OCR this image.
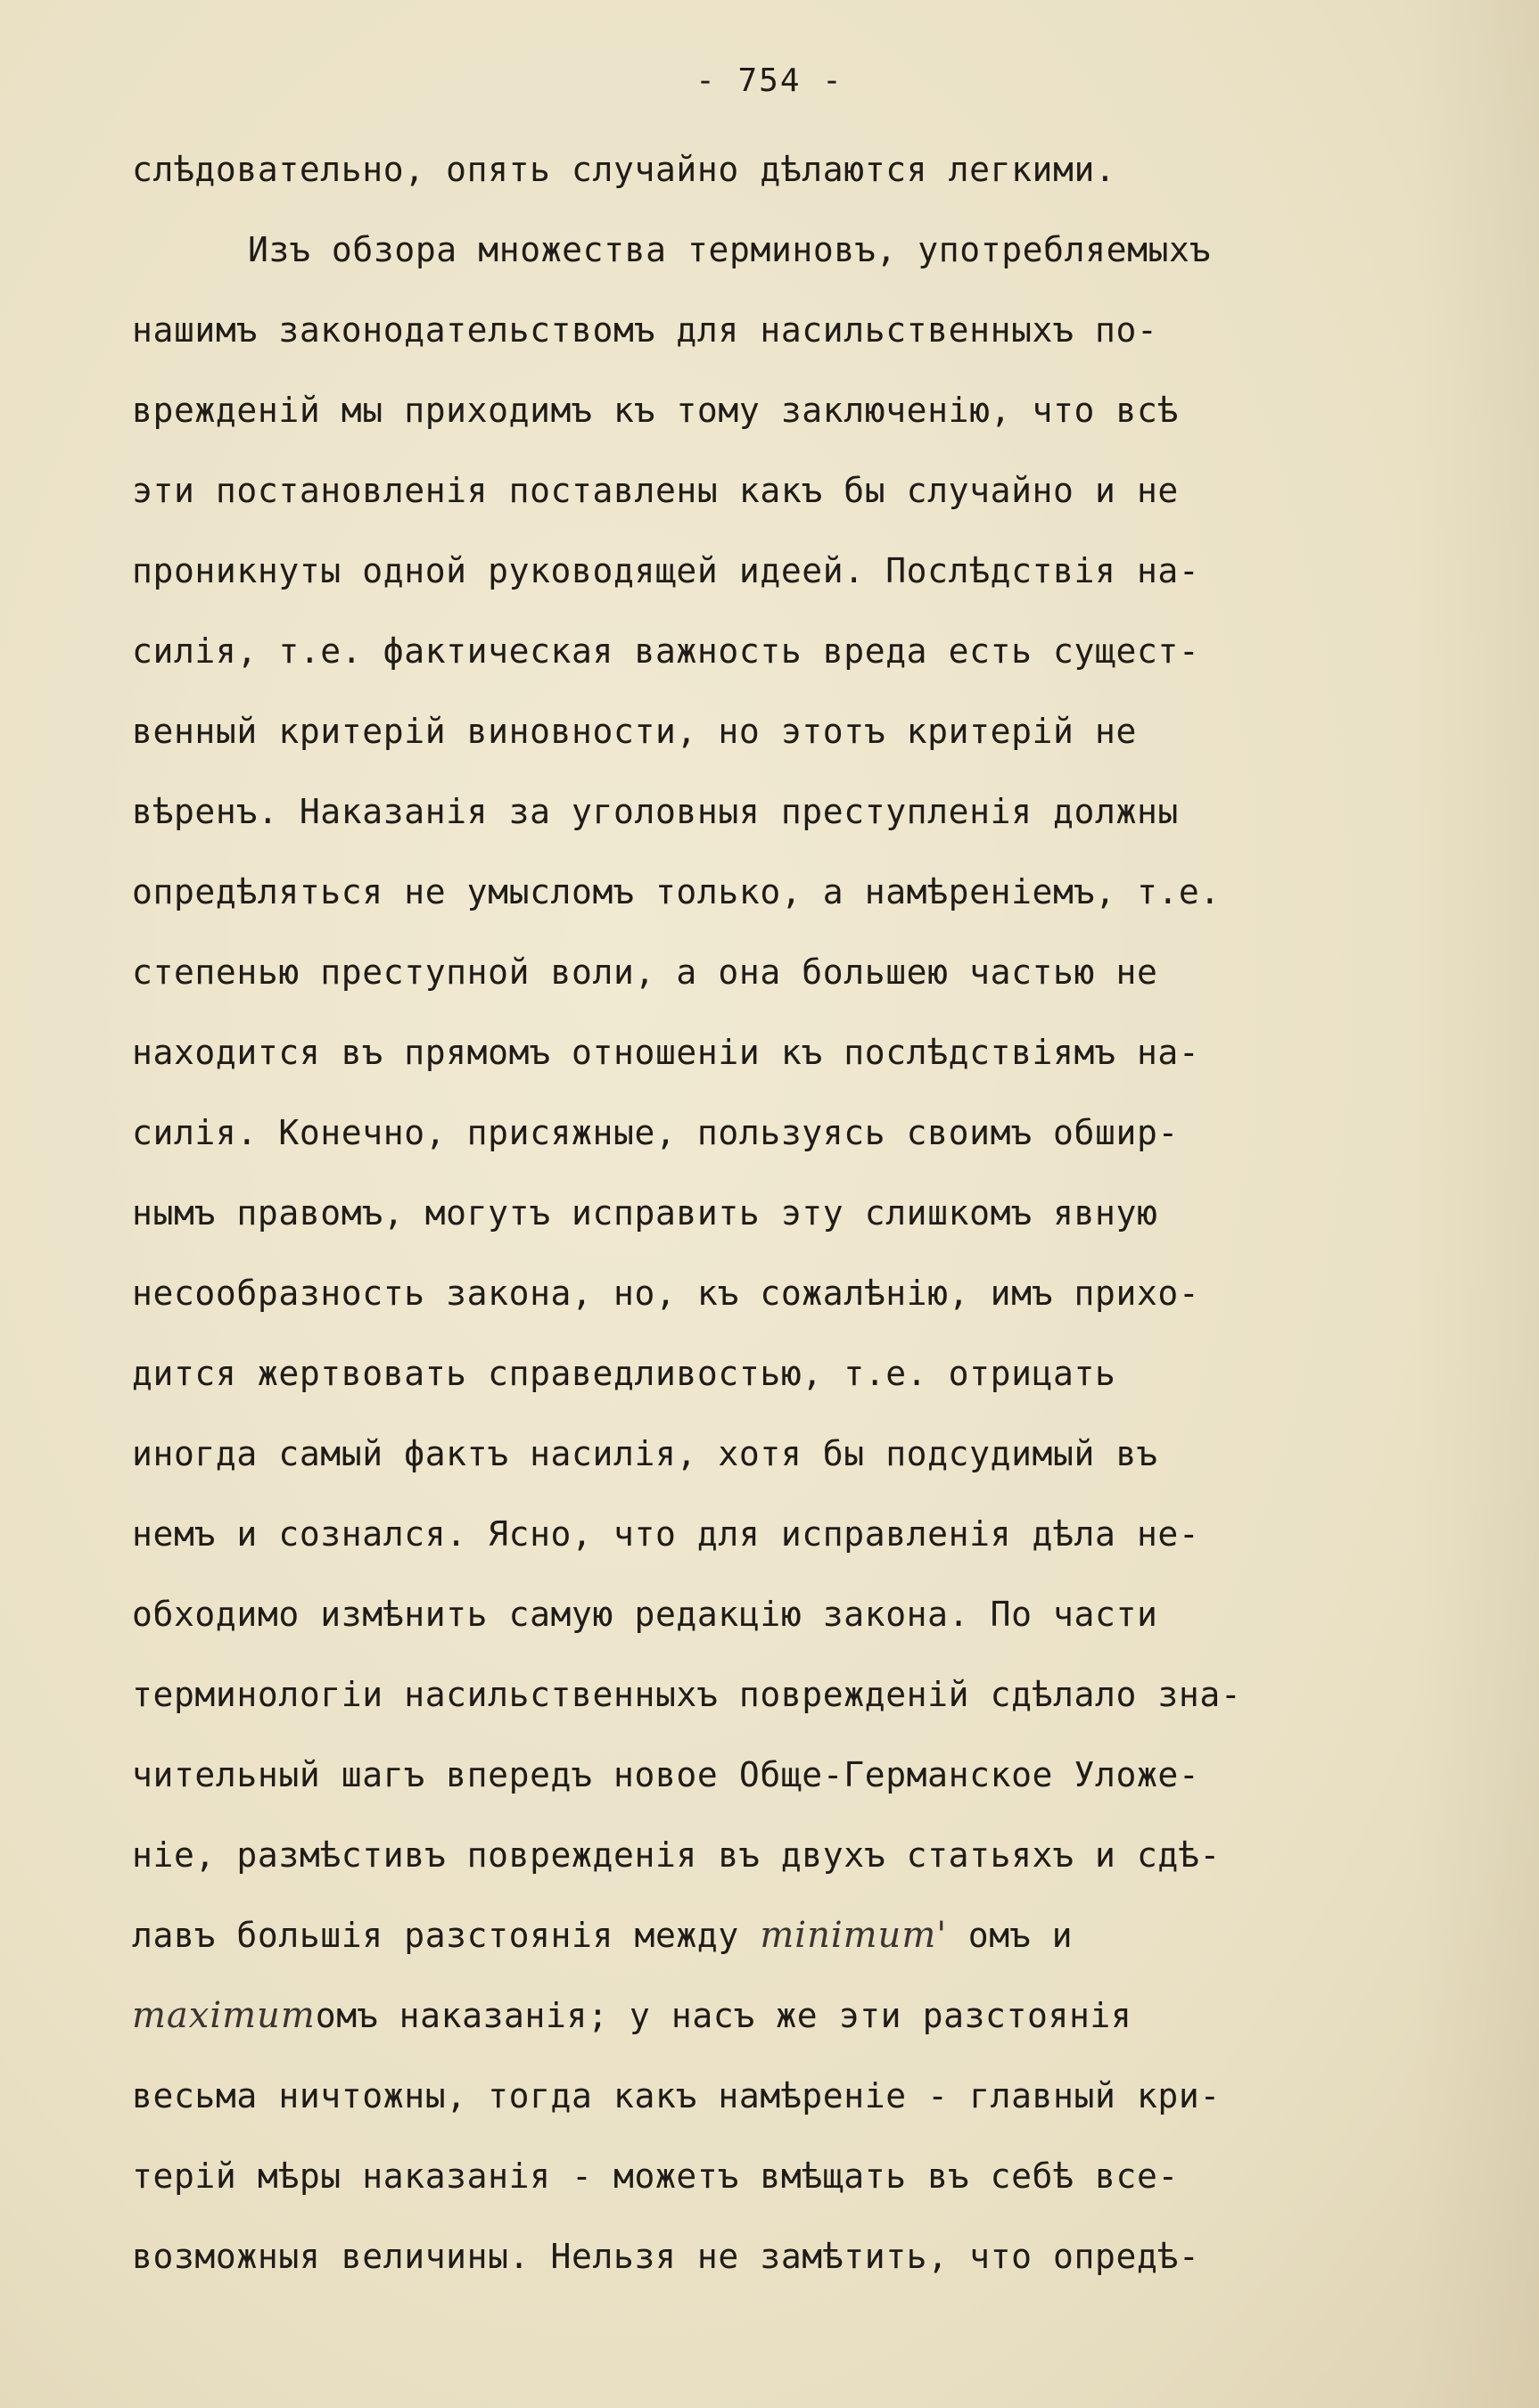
- 754 -
слѣдовательно, опять случайно дѣлаются легкими.
Изъ обзора множества терминовъ, употребляемыхъ
нашимъ законодательствомъ для насильственныхъ по-
врежденій мы приходимъ къ тому заключенію, что всѣ
эти постановленія поставлены какъ бы случайно и не
проникнуты одной руководящей идеей. Послѣдствія на-
силія, т.е. фактическая важность вреда есть сущест-
венный критерій виновности, но этотъ критерій не
вѣренъ. Наказанія за уголовныя преступленія должны
опредѣляться не умысломъ только, а намѣреніемъ, т.е.
степенью преступной воли, а она большею частью не
находится въ прямомъ отношеніи къ послѣдствіямъ на-
силія. Конечно, присяжные, пользуясь своимъ обшир-
нымъ правомъ, могутъ исправить эту слишкомъ явную
несообразность закона, но, къ сожалѣнію, имъ прихо-
дится жертвовать справедливостью, т.е. отрицать
иногда самый фактъ насилія, хотя бы подсудимый въ
немъ и сознался. Ясно, что для исправленія дѣла не-
обходимо измѣнить самую редакцію закона. По части
терминологіи насильственныхъ поврежденій сдѣлало зна-
чительный шагъ впередъ новое Обще-Германское Уложе-
ніе, размѣстивъ поврежденія въ двухъ статьяхъ и сдѣ-
лавъ большія разстоянія между minimum' омъ и
maximumомъ наказанія; у насъ же эти разстоянія
весьма ничтожны, тогда какъ намѣреніе - главный кри-
терій мѣры наказанія - можетъ вмѣщать въ себѣ все-
возможныя величины. Нельзя не замѣтить, что опредѣ-
